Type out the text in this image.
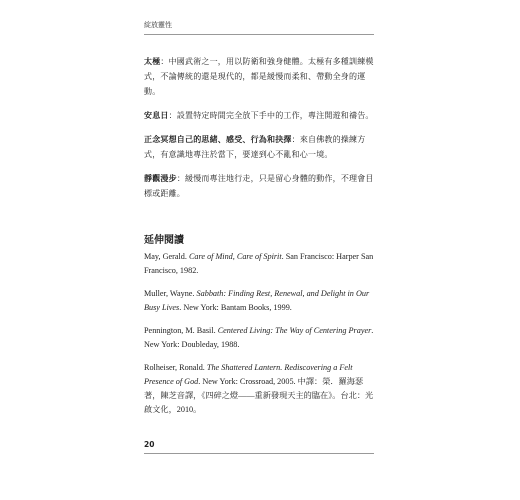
綻放靈性

太極：中國武術之一，用以防衛和強身健體。太極有多種訓練模式，不論傳統的還是現代的，都是緩慢而柔和、帶動全身的運動。

安息日：設置特定時間完全放下手中的工作，專注開遊和禱告。

正念冥想自己的思緒、感受、行為和抉擇：來自佛教的操練方式，有意識地專注於當下，要達到心不亂和心一境。

靜觀漫步：緩慢而專注地行走，只是留心身體的動作，不理會目標或距離。

延伸閱讀

May, Gerald. Care of Mind, Care of Spirit. San Francisco: Harper San Francisco, 1982.

Muller, Wayne. Sabbath: Finding Rest, Renewal, and Delight in Our Busy Lives. New York: Bantam Books, 1999.

Pennington, M. Basil. Centered Living: The Way of Centering Prayer. New York: Doubleday, 1988.

Rolheiser, Ronald. The Shattered Lantern. Rediscovering a Felt Presence of God. New York: Crossroad, 2005. 中譯：榮．羅海瑟著，陳芝音譯，《四碎之燈——重新發現天主的臨在》。台北：光啟文化，2010。

20
